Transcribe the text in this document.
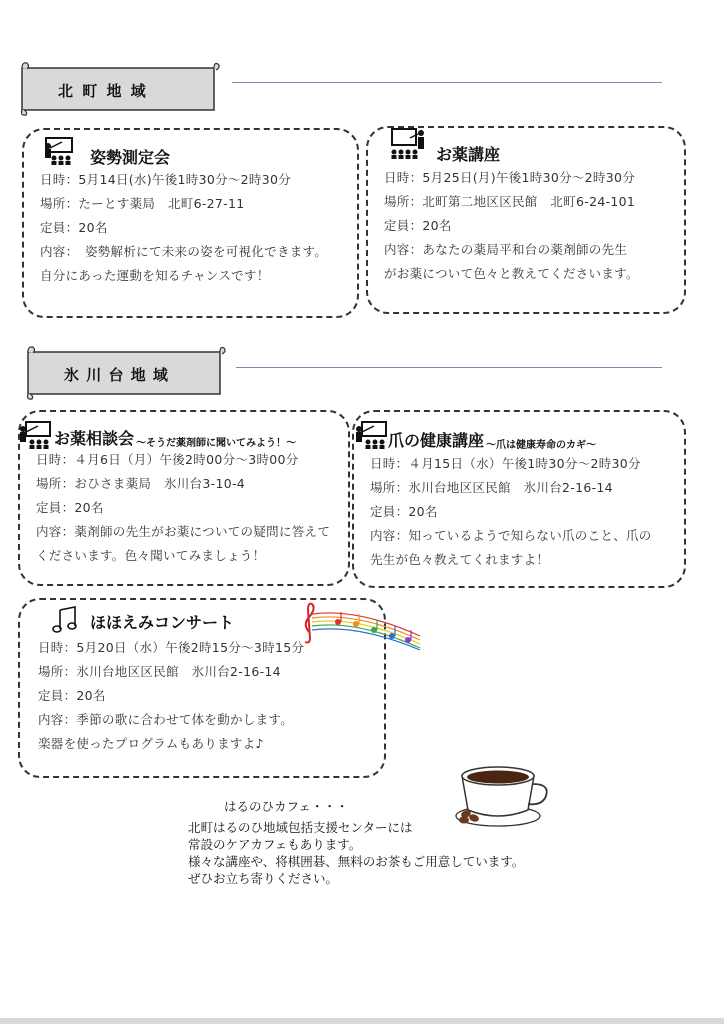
北 町 地 域
姿勢測定会
日時：5月14日(水)午後1時30分～2時30分
場所：たーとす薬局　北町6-27-11
定員：20名
内容：　姿勢解析にて未来の姿を可視化できます。
自分にあった運動を知るチャンスです！
お薬講座
日時：5月25日(月)午後1時30分～2時30分
場所：北町第二地区区民館　北町6-24-101
定員：20名
内容：あなたの薬局平和台の薬剤師の先生
がお薬について色々と教えてくださいます。
氷 川 台 地 域
お薬相談会 ～そうだ薬剤師に聞いてみよう！～
日時：４月6日（月）午後2時00分～3時00分
場所：おひさま薬局　氷川台3-10-4
定員：20名
内容：薬剤師の先生がお薬についての疑問に答えて
くださいます。色々聞いてみましょう！
爪の健康講座 ～爪は健康寿命のカギ～
日時：４月15日（水）午後1時30分～2時30分
場所：氷川台地区区民館　氷川台2-16-14
定員：20名
内容：知っているようで知らない爪のこと、爪の
先生が色々教えてくれますよ！
ほほえみコンサート
日時：5月20日（水）午後2時15分～3時15分
場所：氷川台地区区民館　氷川台2-16-14
定員：20名
内容：季節の歌に合わせて体を動かします。
楽器を使ったプログラムもありますよ♪
はるのひカフェ・・・
北町はるのひ地域包括支援センターには
常設のケアカフェもあります。
様々な講座や、将棋囲碁、無料のお茶もご用意しています。
ぜひお立ち寄りください。
